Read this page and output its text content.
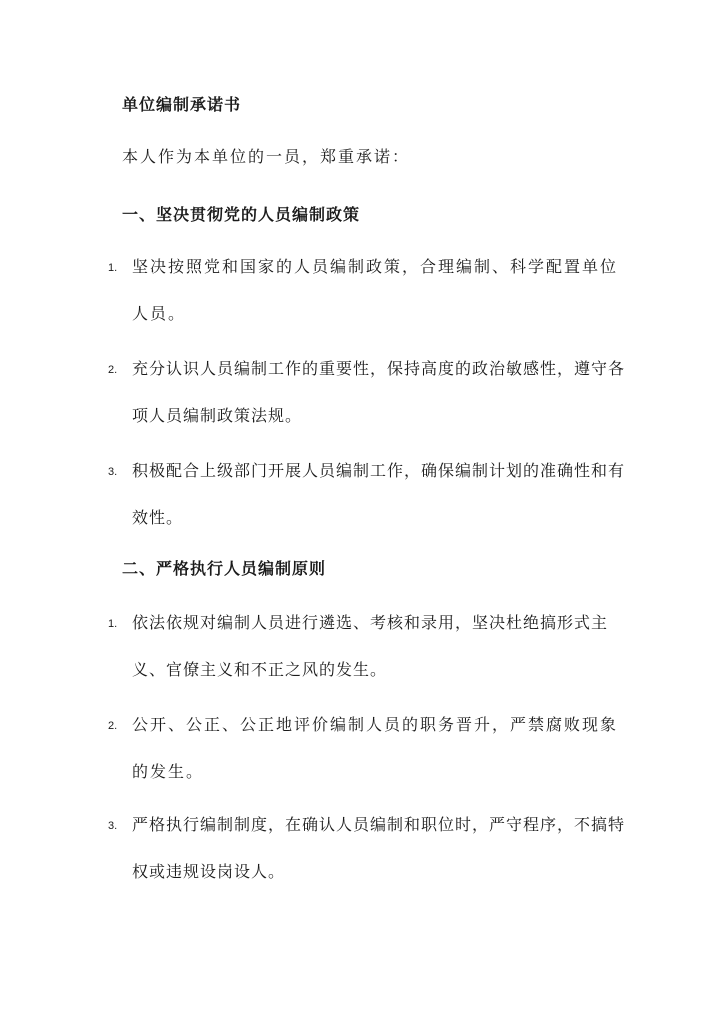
单位编制承诺书
本人作为本单位的一员，郑重承诺：
一、坚决贯彻党的人员编制政策
1. 坚决按照党和国家的人员编制政策，合理编制、科学配置单位人员。
2. 充分认识人员编制工作的重要性，保持高度的政治敏感性，遵守各项人员编制政策法规。
3. 积极配合上级部门开展人员编制工作，确保编制计划的准确性和有效性。
二、严格执行人员编制原则
1. 依法依规对编制人员进行遴选、考核和录用，坚决杜绝搞形式主义、官僚主义和不正之风的发生。
2. 公开、公正、公正地评价编制人员的职务晋升，严禁腐败现象的发生。
3. 严格执行编制制度，在确认人员编制和职位时，严守程序，不搞特权或违规设岗设人。
